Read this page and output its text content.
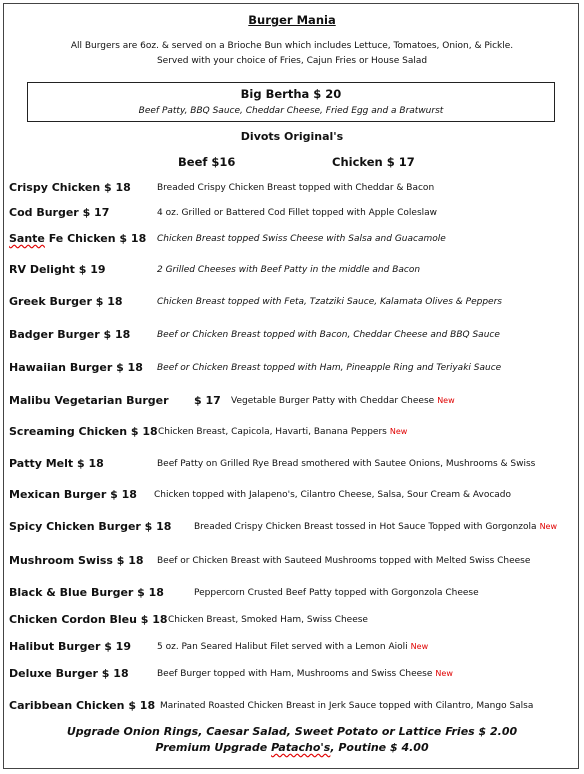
Burger Mania
All Burgers are 6oz. & served on a Brioche Bun which includes Lettuce, Tomatoes, Onion, & Pickle.
Served with your choice of Fries, Cajun Fries or House Salad
Big Bertha $ 20
Beef Patty, BBQ Sauce, Cheddar Cheese, Fried Egg and a Bratwurst
Divots Original's
Beef $16	Chicken $ 17
Crispy Chicken $ 18	Breaded Crispy Chicken Breast topped with Cheddar & Bacon
Cod Burger $ 17	4 oz. Grilled or Battered Cod Fillet topped with Apple Coleslaw
Sante Fe Chicken $ 18 Chicken Breast topped Swiss Cheese with Salsa and Guacamole
RV Delight $ 19	2 Grilled Cheeses with Beef Patty in the middle and Bacon
Greek Burger $ 18	Chicken Breast topped with Feta, Tzatziki Sauce, Kalamata Olives & Peppers
Badger Burger $ 18	Beef or Chicken Breast topped with Bacon, Cheddar Cheese and BBQ Sauce
Hawaiian Burger $ 18 Beef or Chicken Breast topped with Ham, Pineapple Ring and Teriyaki Sauce
Malibu Vegetarian Burger $ 17 Vegetable Burger Patty with Cheddar Cheese New
Screaming Chicken $ 18 Chicken Breast, Capicola, Havarti, Banana Peppers New
Patty Melt $ 18	Beef Patty on Grilled Rye Bread smothered with Sautee Onions, Mushrooms & Swiss
Mexican Burger $ 18 Chicken topped with Jalapeno's, Cilantro Cheese, Salsa, Sour Cream & Avocado
Spicy Chicken Burger $ 18	Breaded Crispy Chicken Breast tossed in Hot Sauce Topped with Gorgonzola New
Mushroom Swiss $ 18 Beef or Chicken Breast with Sauteed Mushrooms topped with Melted Swiss Cheese
Black & Blue Burger $ 18	Peppercorn Crusted Beef Patty topped with Gorgonzola Cheese
Chicken Cordon Bleu $ 18 Chicken Breast, Smoked Ham, Swiss Cheese
Halibut Burger $ 19	5 oz. Pan Seared Halibut Filet served with a Lemon Aioli New
Deluxe Burger $ 18	Beef Burger topped with Ham, Mushrooms and Swiss Cheese New
Caribbean Chicken $ 18 Marinated Roasted Chicken Breast in Jerk Sauce topped with Cilantro, Mango Salsa
Upgrade Onion Rings, Caesar Salad, Sweet Potato or Lattice Fries $ 2.00
Premium Upgrade Patacho's, Poutine $ 4.00
